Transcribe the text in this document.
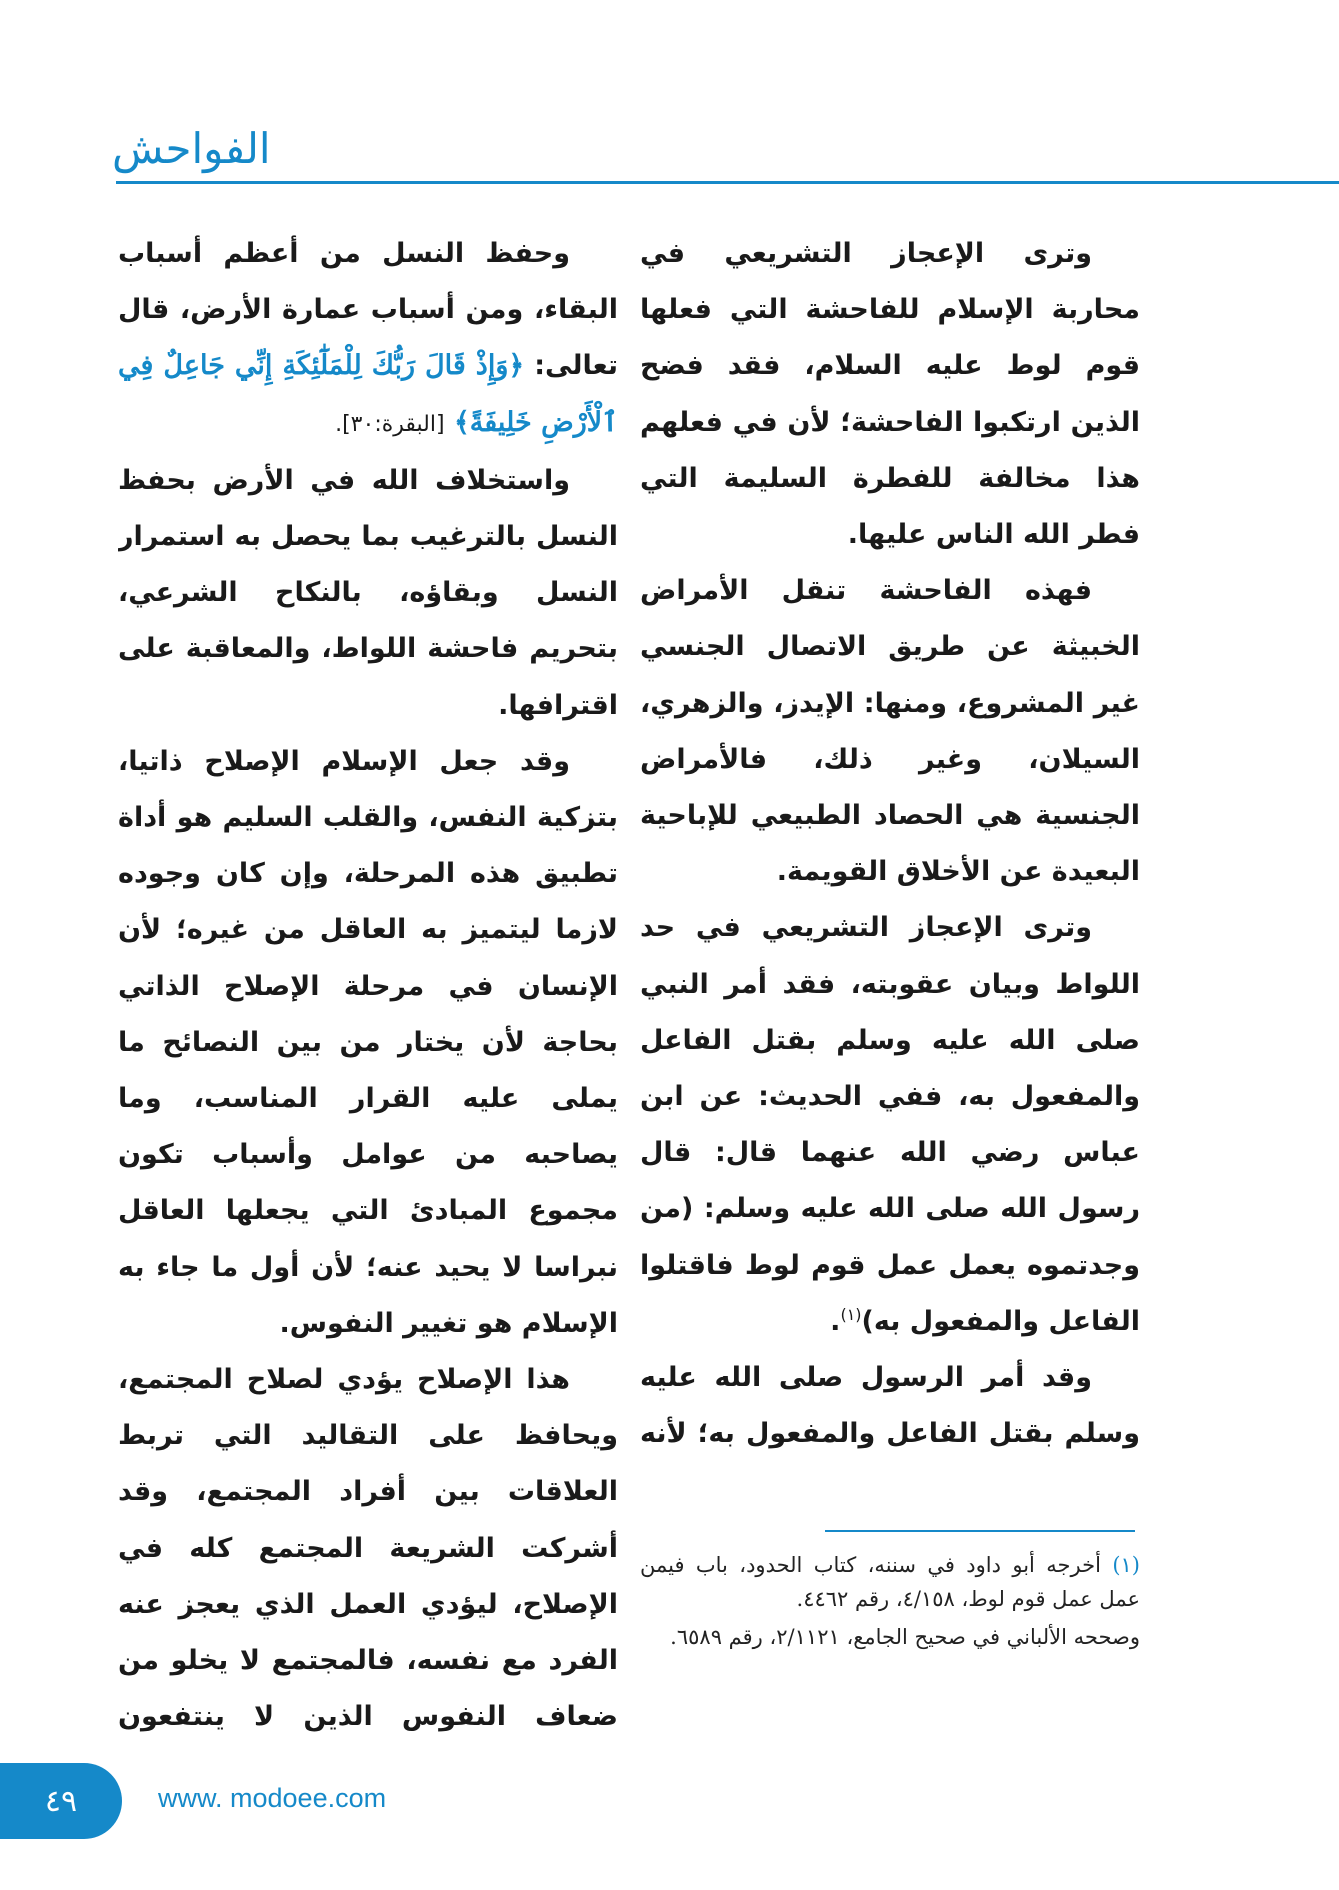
الفواحش

وترى الإعجاز التشريعي في محاربة الإسلام للفاحشة التي فعلها قوم لوط عليه السلام، فقد فضح الذين ارتكبوا الفاحشة؛ لأن في فعلهم هذا مخالفة للفطرة السليمة التي فطر الله الناس عليها.

فهذه الفاحشة تنقل الأمراض الخبيثة عن طريق الاتصال الجنسي غير المشروع، ومنها: الإيدز، والزهري، السيلان، وغير ذلك، فالأمراض الجنسية هي الحصاد الطبيعي للإباحية البعيدة عن الأخلاق القويمة.

وترى الإعجاز التشريعي في حد اللواط وبيان عقوبته، فقد أمر النبي صلى الله عليه وسلم بقتل الفاعل والمفعول به، ففي الحديث: عن ابن عباس رضي الله عنهما قال: قال رسول الله صلى الله عليه وسلم: (من وجدتموه يعمل عمل قوم لوط فاقتلوا الفاعل والمفعول به)$^{(١)}$.

وقد أمر الرسول صلى الله عليه وسلم بقتل الفاعل والمفعول به؛ لأنه

وحفظ النسل من أعظم أسباب البقاء، ومن أسباب عمارة الأرض، قال تعالى: ﴿وَإِذْ قَالَ رَبُّكَ لِلْمَلَٰٓئِكَةِ إِنِّي جَاعِلٌ فِي ٱلْأَرْضِ خَلِيفَةً﴾ [البقرة:٣٠].

واستخلاف الله في الأرض بحفظ النسل بالترغيب بما يحصل به استمرار النسل وبقاؤه، بالنكاح الشرعي، بتحريم فاحشة اللواط، والمعاقبة على اقترافها.

وقد جعل الإسلام الإصلاح ذاتيا، بتزكية النفس، والقلب السليم هو أداة تطبيق هذه المرحلة، وإن كان وجوده لازما ليتميز به العاقل من غيره؛ لأن الإنسان في مرحلة الإصلاح الذاتي بحاجة لأن يختار من بين النصائح ما يملى عليه القرار المناسب، وما يصاحبه من عوامل وأسباب تكون مجموع المبادئ التي يجعلها العاقل نبراسا لا يحيد عنه؛ لأن أول ما جاء به الإسلام هو تغيير النفوس.

هذا الإصلاح يؤدي لصلاح المجتمع، ويحافظ على التقاليد التي تربط العلاقات بين أفراد المجتمع، وقد أشركت الشريعة المجتمع كله في الإصلاح، ليؤدي العمل الذي يعجز عنه الفرد مع نفسه، فالمجتمع لا يخلو من ضعاف النفوس الذين لا ينتفعون

(١) أخرجه أبو داود في سننه، كتاب الحدود، باب فيمن عمل عمل قوم لوط، ٤/١٥٨، رقم ٤٤٦٢.

وصححه الألباني في صحيح الجامع، ٢/١١٢١، رقم ٦٥٨٩.

٤٩	www. modoee.com
